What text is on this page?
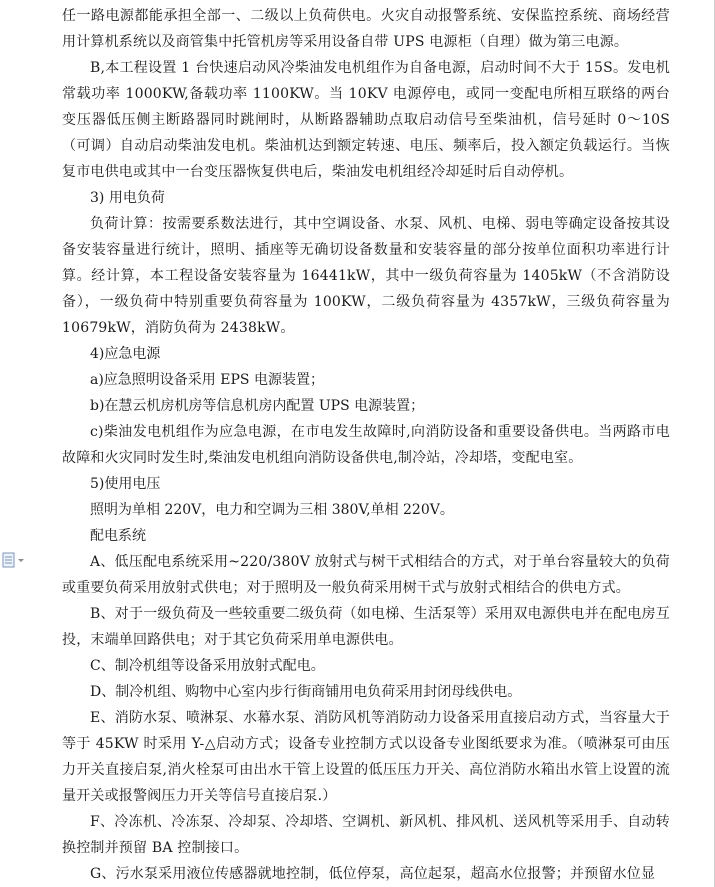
任一路电源都能承担全部一、二级以上负荷供电。火灾自动报警系统、安保监控系统、商场经营用计算机系统以及商管集中托管机房等采用设备自带 UPS 电源柜（自理）做为第三电源。

B,本工程设置 1 台快速启动风冷柴油发电机组作为自备电源，启动时间不大于 15S。发电机常载功率 1000KW,备载功率 1100KW。当 10KV 电源停电，或同一变配电所相互联络的两台变压器低压侧主断路器同时跳闸时，从断路器辅助点取启动信号至柴油机，信号延时 0～10S（可调）自动启动柴油发电机。柴油机达到额定转速、电压、频率后，投入额定负载运行。当恢复市电供电或其中一台变压器恢复供电后，柴油发电机组经冷却延时后自动停机。

3) 用电负荷

负荷计算：按需要系数法进行，其中空调设备、水泵、风机、电梯、弱电等确定设备按其设备安装容量进行统计，照明、插座等无确切设备数量和安装容量的部分按单位面积功率进行计算。经计算，本工程设备安装容量为 16441kW，其中一级负荷容量为 1405kW（不含消防设备），一级负荷中特别重要负荷容量为 100KW，二级负荷容量为 4357kW，三级负荷容量为 10679kW，消防负荷为 2438kW。

4)应急电源

a)应急照明设备采用 EPS 电源装置；

b)在慧云机房机房等信息机房内配置 UPS 电源装置；

c)柴油发电机组作为应急电源，在市电发生故障时,向消防设备和重要设备供电。当两路市电故障和火灾同时发生时,柴油发电机组向消防设备供电,制冷站，冷却塔，变配电室。

5)使用电压

照明为单相 220V，电力和空调为三相 380V,单相 220V。

配电系统

A、低压配电系统采用~220/380V 放射式与树干式相结合的方式，对于单台容量较大的负荷或重要负荷采用放射式供电；对于照明及一般负荷采用树干式与放射式相结合的供电方式。

B、对于一级负荷及一些较重要二级负荷（如电梯、生活泵等）采用双电源供电并在配电房互投，末端单回路供电；对于其它负荷采用单电源供电。

C、制冷机组等设备采用放射式配电。

D、制冷机组、购物中心室内步行街商铺用电负荷采用封闭母线供电。

E、消防水泵、喷淋泵、水幕水泵、消防风机等消防动力设备采用直接启动方式，当容量大于等于 45KW 时采用 Y-△启动方式；设备专业控制方式以设备专业图纸要求为准。（喷淋泵可由压力开关直接启泵,消火栓泵可由出水干管上设置的低压压力开关、高位消防水箱出水管上设置的流量开关或报警阀压力开关等信号直接启泵.）

F、冷冻机、冷冻泵、冷却泵、冷却塔、空调机、新风机、排风机、送风机等采用手、自动转换控制并预留 BA 控制接口。

G、污水泵采用液位传感器就地控制，低位停泵，高位起泵，超高水位报警；并预留水位显
